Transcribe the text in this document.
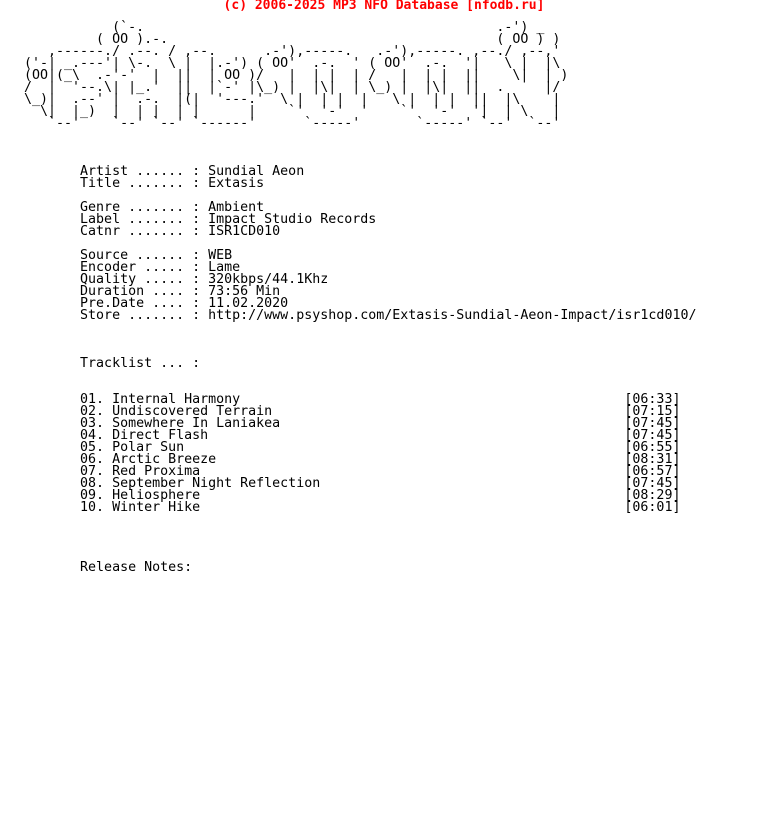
(c) 2006-2025 MP3 NFO Database [nfodb.ru]
(`-.                                            .-') _
( OO ).-.                                         ( OO ) )
,------./ .--. / ,--.      .-'),-----.   .-'),-----. ,--./ ,--,'
('-| _.---'| \-.  \ |  |.-') ( OO'  .-.  ' ( OO'  .-.  '|   \ |  |\
(OO|(_\  .-'-'  |  ||  | OO )/   |  | |  | /   |  | |  ||    \|  | )
/  |  '--.\| |_.'  ||  |`-' |\_) |  |\|  | \_) |  |\|  ||  .     |/
\_)|  .--' |  .-.  |(|  '---.'  \ |  | |  |   \ |  | |  ||  |\    |
\|  |_)  |  | |  | |      |    `'  '-'  '    `'  '-'  '|  | \   |
`--'    `--' `--' `------'      `-----'       `-----' `--'  `--'

Artist ...... : Sundial Aeon
Title ....... : Extasis

Genre ....... : Ambient
Label ....... : Impact Studio Records
Catnr ....... : ISR1CD010

Source ...... : WEB
Encoder ..... : Lame
Quality ..... : 320kbps/44.1Khz
Duration .... : 73:56 Min
Pre.Date .... : 11.02.2020
Store ....... : http://www.psyshop.com/Extasis-Sundial-Aeon-Impact/isr1cd010/

Tracklist ... :

01. Internal Harmony                                                [06:33]
02. Undiscovered Terrain                                            [07:15]
03. Somewhere In Laniakea                                           [07:45]
04. Direct Flash                                                    [07:45]
05. Polar Sun                                                       [06:55]
06. Arctic Breeze                                                   [08:31]
07. Red Proxima                                                     [06:57]
08. September Night Reflection                                      [07:45]
09. Heliosphere                                                     [08:29]
10. Winter Hike                                                     [06:01]

Release Notes:
